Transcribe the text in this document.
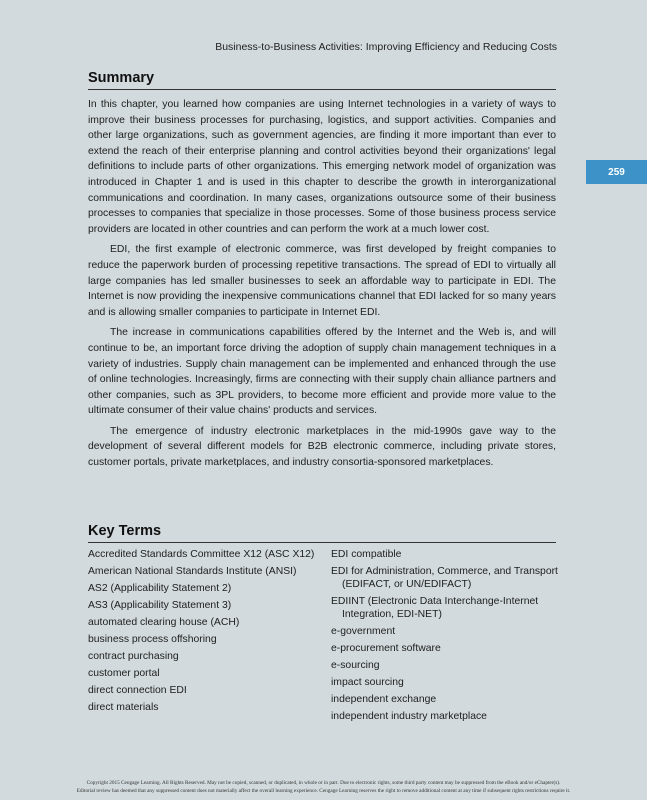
Business-to-Business Activities: Improving Efficiency and Reducing Costs
259
Summary

In this chapter, you learned how companies are using Internet technologies in a variety of ways to improve their business processes for purchasing, logistics, and support activities. Companies and other large organizations, such as government agencies, are finding it more important than ever to extend the reach of their enterprise planning and control activities beyond their organizations' legal definitions to include parts of other organizations. This emerging network model of organization was introduced in Chapter 1 and is used in this chapter to describe the growth in interorganizational communications and coordination. In many cases, organizations outsource some of their business processes to companies that specialize in those processes. Some of those business process service providers are located in other countries and can perform the work at a much lower cost.

EDI, the first example of electronic commerce, was first developed by freight companies to reduce the paperwork burden of processing repetitive transactions. The spread of EDI to virtually all large companies has led smaller businesses to seek an affordable way to participate in EDI. The Internet is now providing the inexpensive communications channel that EDI lacked for so many years and is allowing smaller companies to participate in Internet EDI.

The increase in communications capabilities offered by the Internet and the Web is, and will continue to be, an important force driving the adoption of supply chain management techniques in a variety of industries. Supply chain management can be implemented and enhanced through the use of online technologies. Increasingly, firms are connecting with their supply chain alliance partners and other companies, such as 3PL providers, to become more efficient and provide more value to the ultimate consumer of their value chains' products and services.

The emergence of industry electronic marketplaces in the mid-1990s gave way to the development of several different models for B2B electronic commerce, including private stores, customer portals, private marketplaces, and industry consortia-sponsored marketplaces.

Key Terms
Accredited Standards Committee X12 (ASC X12)
American National Standards Institute (ANSI)
AS2 (Applicability Statement 2)
AS3 (Applicability Statement 3)
automated clearing house (ACH)
business process offshoring
contract purchasing
customer portal
direct connection EDI
direct materials
EDI compatible
EDI for Administration, Commerce, and Transport (EDIFACT, or UN/EDIFACT)
EDIINT (Electronic Data Interchange-Internet Integration, EDI-NET)
e-government
e-procurement software
e-sourcing
impact sourcing
independent exchange
independent industry marketplace
Copyright 2015 Cengage Learning. All Rights Reserved. May not be copied, scanned, or duplicated, in whole or in part. Due to electronic rights, some third party content may be suppressed from the eBook and/or eChapter(s).
Editorial review has deemed that any suppressed content does not materially affect the overall learning experience. Cengage Learning reserves the right to remove additional content at any time if subsequent rights restrictions require it.
